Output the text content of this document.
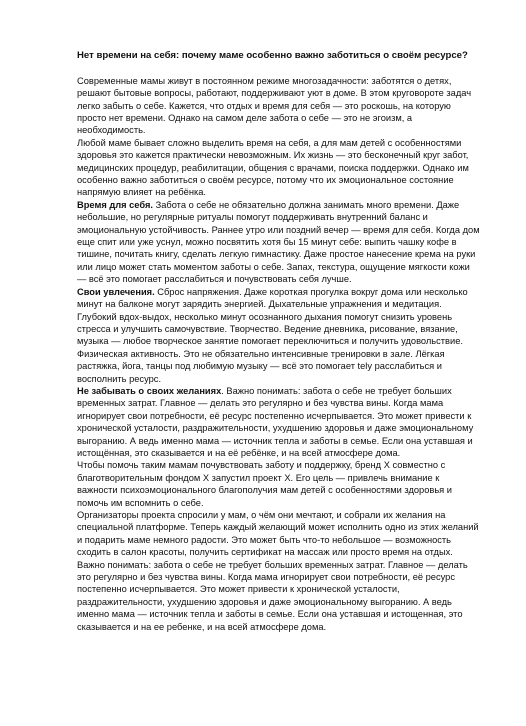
Нет времени на себя: почему маме особенно важно заботиться о своём ресурсе?

Современные мамы живут в постоянном режиме многозадачности: заботятся о детях, решают бытовые вопросы, работают, поддерживают уют в доме. В этом круговороте задач легко забыть о себе. Кажется, что отдых и время для себя — это роскошь, на которую просто нет времени. Однако на самом деле забота о себе — это не эгоизм, а необходимость.

Любой маме бывает сложно выделить время на себя, а для мам детей с особенностями здоровья это кажется практически невозможным. Их жизнь — это бесконечный круг забот, медицинских процедур, реабилитации, общения с врачами, поиска поддержки. Однако им особенно важно заботиться о своём ресурсе, потому что их эмоциональное состояние напрямую влияет на ребёнка.

Время для себя. Забота о себе не обязательно должна занимать много времени. Даже небольшие, но регулярные ритуалы помогут поддерживать внутренний баланс и эмоциональную устойчивость. Раннее утро или поздний вечер — время для себя. Когда дом еще спит или уже уснул, можно посвятить хотя бы 15 минут себе: выпить чашку кофе в тишине, почитать книгу, сделать легкую гимнастику. Даже простое нанесение крема на руки или лицо может стать моментом заботы о себе. Запах, текстура, ощущение мягкости кожи — всё это помогает расслабиться и почувствовать себя лучше.

Свои увлечения. Сброс напряжения. Даже короткая прогулка вокруг дома или несколько минут на балконе могут зарядить энергией. Дыхательные упражнения и медитация. Глубокий вдох-выдох, несколько минут осознанного дыхания помогут снизить уровень стресса и улучшить самочувствие. Творчество. Ведение дневника, рисование, вязание, музыка — любое творческое занятие помогает переключиться и получить удовольствие. Физическая активность. Это не обязательно интенсивные тренировки в зале. Лёгкая растяжка, йога, танцы под любимую музыку — всё это помогает telу расслабиться и восполнить ресурс.

Не забывать о своих желаниях. Важно понимать: забота о себе не требует больших временных затрат. Главное — делать это регулярно и без чувства вины. Когда мама игнорирует свои потребности, её ресурс постепенно исчерпывается. Это может привести к хронической усталости, раздражительности, ухудшению здоровья и даже эмоциональному выгоранию. А ведь именно мама — источник тепла и заботы в семье. Если она уставшая и истощённая, это сказывается и на её ребёнке, и на всей атмосфере дома.

Чтобы помочь таким мамам почувствовать заботу и поддержку, бренд Х совместно с благотворительным фондом Х запустил проект Х. Его цель — привлечь внимание к важности психоэмоционального благополучия мам детей с особенностями здоровья и помочь им вспомнить о себе.

Организаторы проекта спросили у мам, о чём они мечтают, и собрали их желания на специальной платформе. Теперь каждый желающий может исполнить одно из этих желаний и подарить маме немного радости. Это может быть что-то небольшое — возможность сходить в салон красоты, получить сертификат на массаж или просто время на отдых.

Важно понимать: забота о себе не требует больших временных затрат. Главное — делать это регулярно и без чувства вины. Когда мама игнорирует свои потребности, её ресурс постепенно исчерпывается. Это может привести к хронической усталости, раздражительности, ухудшению здоровья и даже эмоциональному выгоранию. А ведь именно мама — источник тепла и заботы в семье. Если она уставшая и истощенная, это сказывается и на ее ребенке, и на всей атмосфере дома.
